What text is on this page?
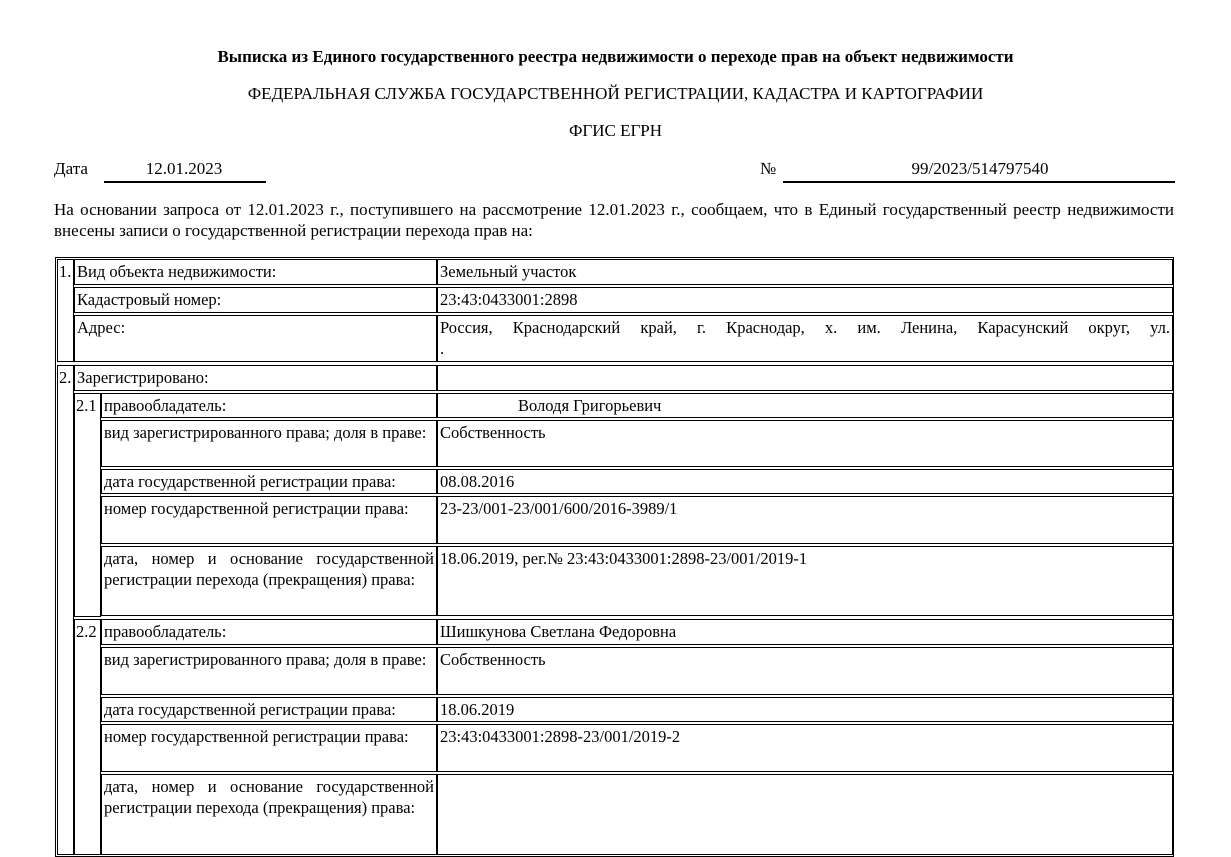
Выписка из Единого государственного реестра недвижимости о переходе прав на объект недвижимости
ФЕДЕРАЛЬНАЯ СЛУЖБА ГОСУДАРСТВЕННОЙ РЕГИСТРАЦИИ, КАДАСТРА И КАРТОГРАФИИ
ФГИС ЕГРН
Дата	12.01.2023	№	99/2023/514797540
На основании запроса от 12.01.2023 г., поступившего на рассмотрение 12.01.2023 г., сообщаем, что в Единый государственный реестр недвижимости внесены записи о государственной регистрации перехода прав на:
1. Вид объекта недвижимости:	Земельный участок
Кадастровый номер:	23:43:0433001:2898
Адрес:	Россия, Краснодарский край, г. Краснодар, х. им. Ленина, Карасунский округ, ул.
.
2. Зарегистрировано:
2.1 правообладатель:	Володя Григорьевич
вид зарегистрированного права; доля в праве: Собственность
дата государственной регистрации права:	08.08.2016
номер государственной регистрации права:	23-23/001-23/001/600/2016-3989/1
дата, номер и основание государственной регистрации перехода (прекращения) права:
18.06.2019, рег.№ 23:43:0433001:2898-23/001/2019-1
2.2 правообладатель:	Шишкунова Светлана Федоровна
вид зарегистрированного права; доля в праве: Собственность
дата государственной регистрации права:	18.06.2019
номер государственной регистрации права:	23:43:0433001:2898-23/001/2019-2
дата, номер и основание государственной регистрации перехода (прекращения) права:
